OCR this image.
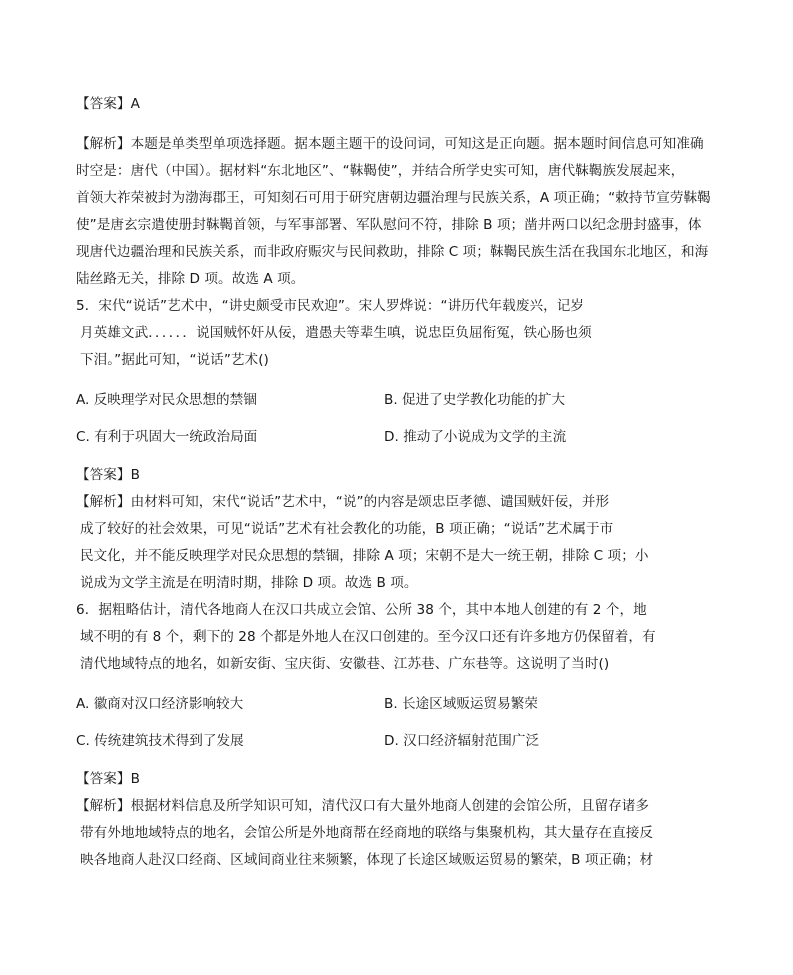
【答案】A
【解析】本题是单类型单项选择题。据本题主题干的设问词，可知这是正向题。据本题时间信息可知准确
时空是：唐代（中国）。据材料“东北地区”、“靺鞨使”，并结合所学史实可知，唐代靺鞨族发展起来，
首领大祚荣被封为渤海郡王，可知刻石可用于研究唐朝边疆治理与民族关系，A 项正确；“敕持节宣劳靺鞨
使”是唐玄宗遣使册封靺鞨首领，与军事部署、军队慰问不符，排除 B 项；凿井两口以纪念册封盛事，体
现唐代边疆治理和民族关系，而非政府赈灾与民间救助，排除 C 项；靺鞨民族生活在我国东北地区，和海
陆丝路无关，排除 D 项。故选 A 项。
5．宋代“说话”艺术中，“讲史颇受市民欢迎”。宋人罗烨说：“讲历代年载废兴，记岁
月英雄文武．．．．．．说国贼怀奸从佞，遣愚夫等辈生嗔，说忠臣负屈衔冤，铁心肠也须
下泪。”据此可知，“说话”艺术()
A. 反映理学对民众思想的禁锢	B. 促进了史学教化功能的扩大
C. 有利于巩固大一统政治局面	D. 推动了小说成为文学的主流
【答案】B
【解析】由材料可知，宋代“说话”艺术中，“说”的内容是颂忠臣孝德、谴国贼奸佞，并形
成了较好的社会效果，可见“说话”艺术有社会教化的功能，B 项正确；“说话”艺术属于市
民文化，并不能反映理学对民众思想的禁锢，排除 A 项；宋朝不是大一统王朝，排除 C 项；小
说成为文学主流是在明清时期，排除 D 项。故选 B 项。
6．据粗略估计，清代各地商人在汉口共成立会馆、公所 38 个，其中本地人创建的有 2 个，地
域不明的有 8 个，剩下的 28 个都是外地人在汉口创建的。至今汉口还有许多地方仍保留着，有
清代地域特点的地名，如新安街、宝庆街、安徽巷、江苏巷、广东巷等。这说明了当时()
A. 徽商对汉口经济影响较大	B. 长途区域贩运贸易繁荣
C. 传统建筑技术得到了发展	D. 汉口经济辐射范围广泛
【答案】B
【解析】根据材料信息及所学知识可知，清代汉口有大量外地商人创建的会馆公所，且留存诸多
带有外地地域特点的地名，会馆公所是外地商帮在经商地的联络与集聚机构，其大量存在直接反
映各地商人赴汉口经商、区域间商业往来频繁，体现了长途区域贩运贸易的繁荣，B 项正确；材
